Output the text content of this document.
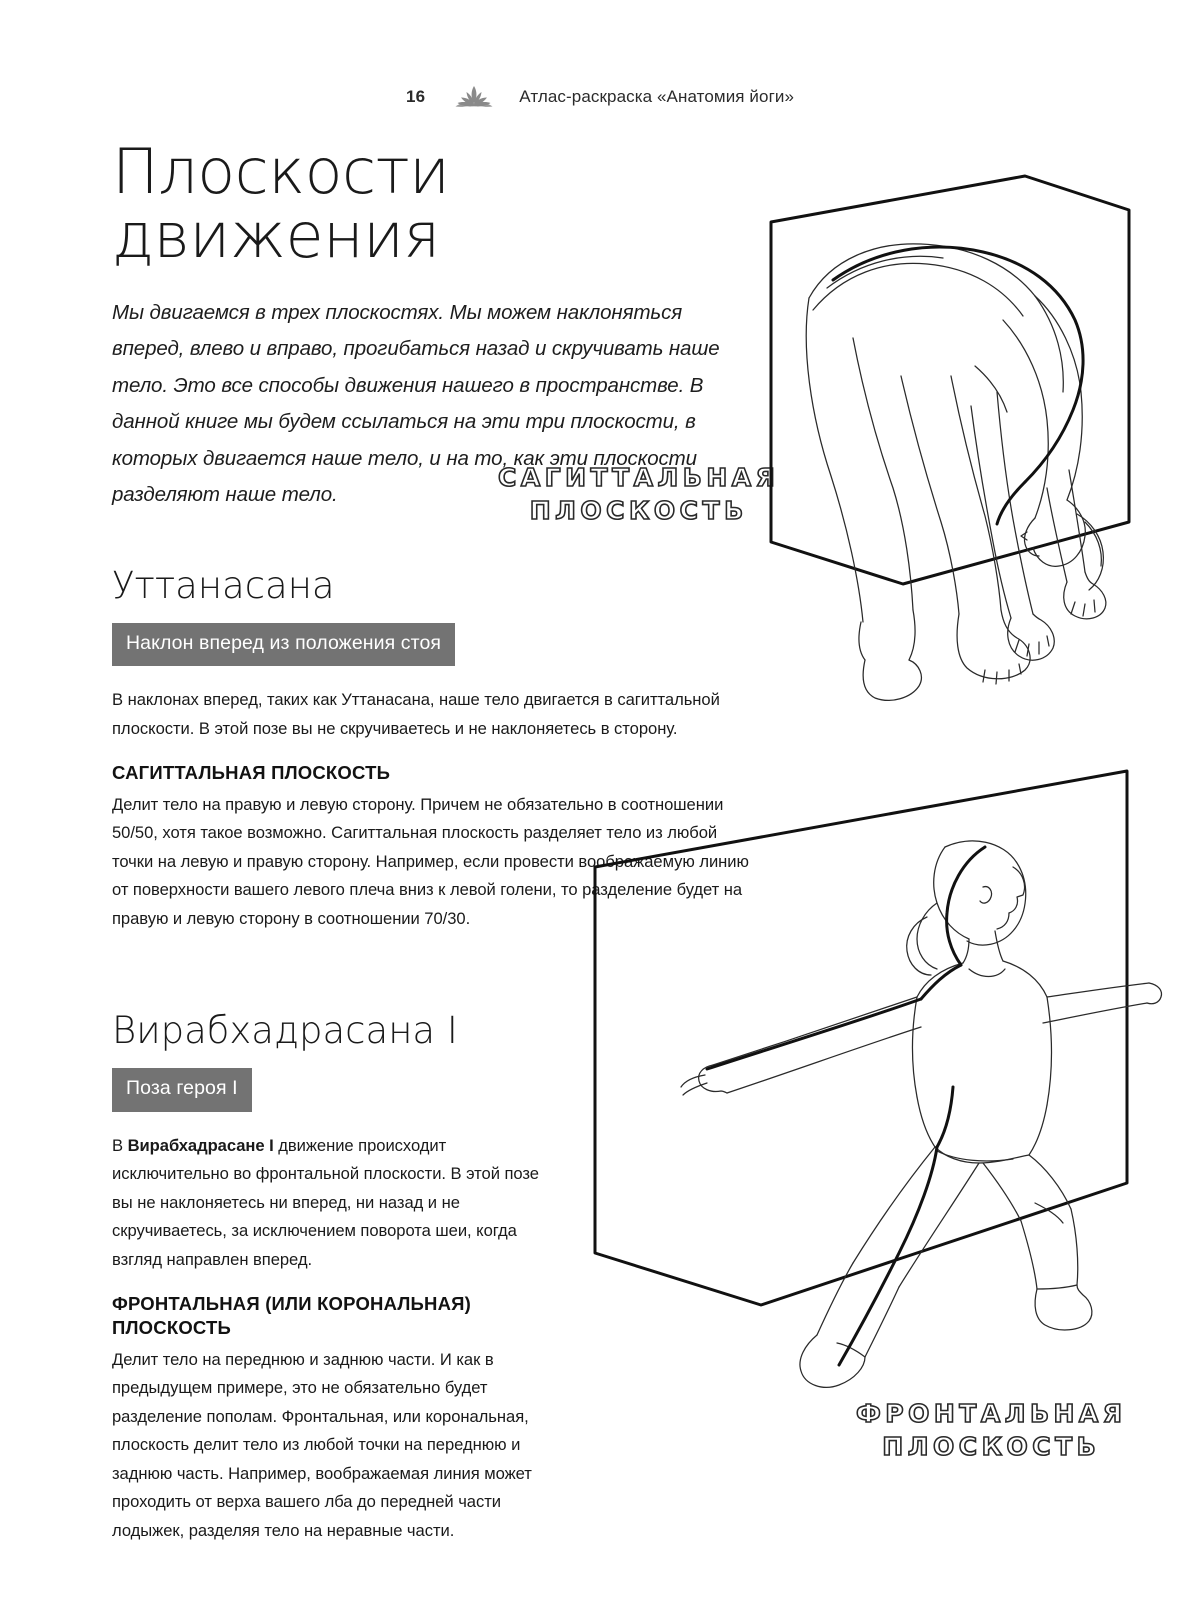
16	Атлас-раскраска «Анатомия йоги»
Плоскости движения

Мы двигаемся в трех плоскостях. Мы можем наклоняться вперед, влево и вправо, прогибаться назад и скручивать наше тело. Это все способы движения нашего в пространстве. В данной книге мы будем ссылаться на эти три плоскости, в которых двигается наше тело, и на то, как эти плоскости разделяют наше тело.

Уттанасана
Наклон вперед из положения стоя

В наклонах вперед, таких как Уттанасана, наше тело двигается в сагиттальной плоскости. В этой позе вы не скручиваетесь и не наклоняетесь в сторону.

САГИТТАЛЬНАЯ ПЛОСКОСТЬ

Делит тело на правую и левую сторону. Причем не обязательно в соотношении 50/50, хотя такое возможно. Сагиттальная плоскость разделяет тело из любой точки на левую и правую сторону. Например, если провести воображаемую линию от поверхности вашего левого плеча вниз к левой голени, то разделение будет на правую и левую сторону в соотношении 70/30.

Вирабхадрасана I
Поза героя I

В Вирабхадрасане I движение происходит исключительно во фронтальной плоскости. В этой позе вы не наклоняетесь ни вперед, ни назад и не скручиваетесь, за исключением поворота шеи, когда взгляд направлен вперед.

ФРОНТАЛЬНАЯ (ИЛИ КОРОНАЛЬНАЯ)
ПЛОСКОСТЬ

Делит тело на переднюю и заднюю части. И как в предыдущем примере, это не обязательно будет разделение пополам. Фронтальная, или корональная, плоскость делит тело из любой точки на переднюю и заднюю часть. Например, воображаемая линия может проходить от верха вашего лба до передней части лодыжек, разделяя тело на неравные части.

САГИТТАЛЬНАЯ
ПЛОСКОСТЬ
ФРОНТАЛЬНАЯ
ПЛОСКОСТЬ
